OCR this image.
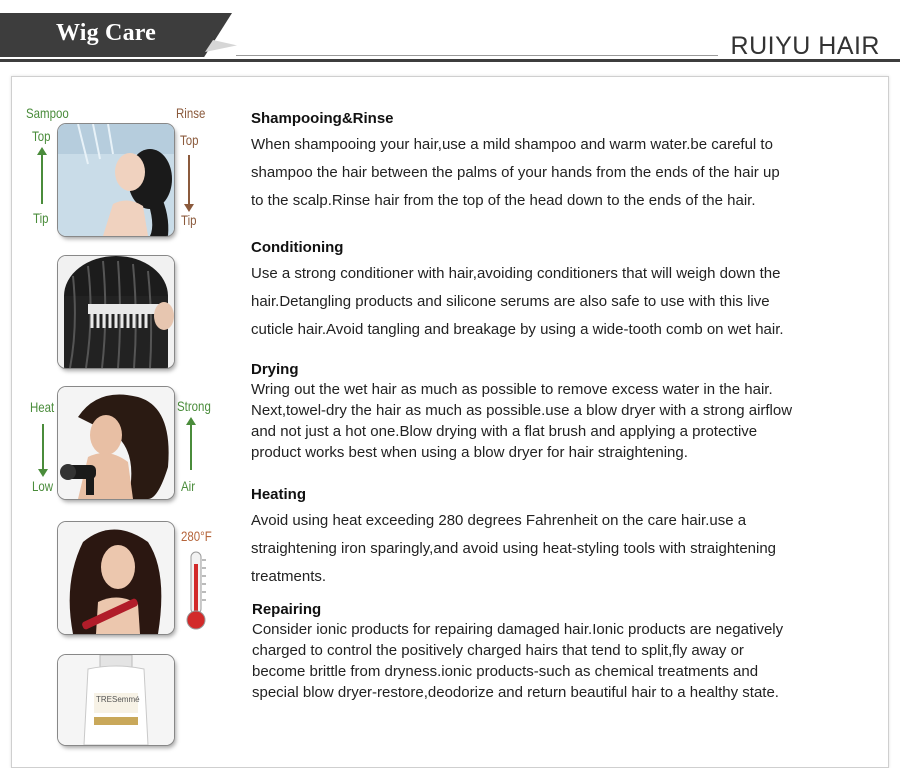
Wig Care	RUIYU HAIR
Sampoo
Top
Tip
Rinse
Top
Tip
Heat
Low
Strong
Air
280°F
TRESemmé

Shampooing&Rinse

When shampooing your hair,use a mild shampoo and warm water.be careful to
shampoo the hair between the palms of your hands from the ends of the hair up
to the scalp.Rinse hair from the top of the head down to the ends of the hair.

Conditioning

Use a strong conditioner with hair,avoiding conditioners that will weigh down the
hair.Detangling products and silicone serums are also safe to use with this live
cuticle hair.Avoid tangling and breakage by using a wide-tooth comb on wet hair.

Drying

Wring out the wet hair as much as possible to remove excess water in the hair.
Next,towel-dry the hair as much as possible.use a blow dryer with a strong airflow
and not just a hot one.Blow drying with a flat brush and applying a protective
product works best when using a blow dryer for hair straightening.

Heating

Avoid using heat exceeding 280 degrees Fahrenheit on the care hair.use a
straightening iron sparingly,and avoid using heat-styling tools with straightening
treatments.

Repairing

Consider ionic products for repairing damaged hair.Ionic products are negatively
charged to control the positively charged hairs that tend to split,fly away or
become brittle from dryness.ionic products-such as chemical treatments and
special blow dryer-restore,deodorize and return beautiful hair to a healthy state.
